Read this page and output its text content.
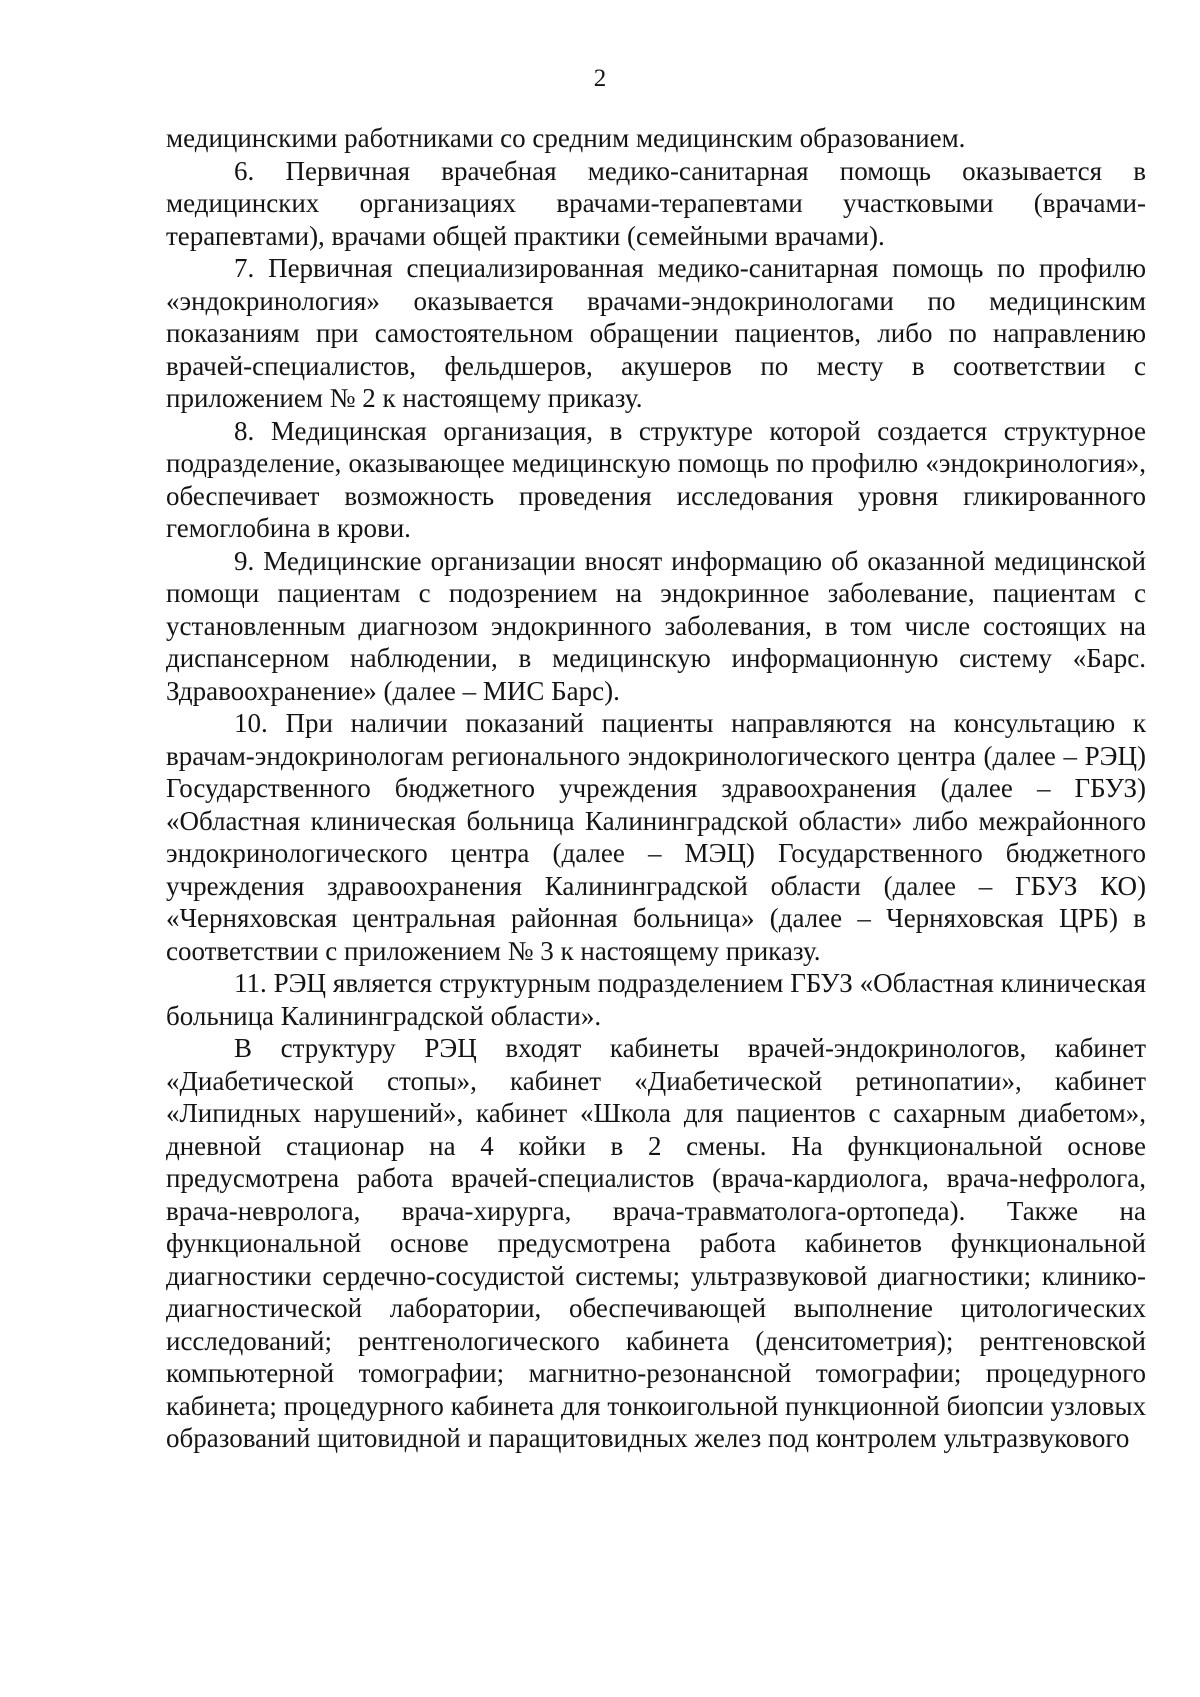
2

медицинскими работниками со средним медицинским образованием.

6. Первичная врачебная медико-санитарная помощь оказывается в медицинских организациях врачами-терапевтами участковыми (врачами-терапевтами), врачами общей практики (семейными врачами).

7. Первичная специализированная медико-санитарная помощь по профилю «эндокринология» оказывается врачами-эндокринологами по медицинским показаниям при самостоятельном обращении пациентов, либо по направлению врачей-специалистов, фельдшеров, акушеров по месту в соответствии с приложением № 2 к настоящему приказу.

8. Медицинская организация, в структуре которой создается структурное подразделение, оказывающее медицинскую помощь по профилю «эндокринология», обеспечивает возможность проведения исследования уровня гликированного гемоглобина в крови.

9. Медицинские организации вносят информацию об оказанной медицинской помощи пациентам с подозрением на эндокринное заболевание, пациентам с установленным диагнозом эндокринного заболевания, в том числе состоящих на диспансерном наблюдении, в медицинскую информационную систему «Барс. Здравоохранение» (далее – МИС Барс).

10. При наличии показаний пациенты направляются на консультацию к врачам-эндокринологам регионального эндокринологического центра (далее – РЭЦ) Государственного бюджетного учреждения здравоохранения (далее – ГБУЗ) «Областная клиническая больница Калининградской области» либо межрайонного эндокринологического центра (далее – МЭЦ) Государственного бюджетного учреждения здравоохранения Калининградской области (далее – ГБУЗ КО) «Черняховская центральная районная больница» (далее – Черняховская ЦРБ) в соответствии с приложением № 3 к настоящему приказу.

11. РЭЦ является структурным подразделением ГБУЗ «Областная клиническая больница Калининградской области».

В структуру РЭЦ входят кабинеты врачей-эндокринологов, кабинет «Диабетической стопы», кабинет «Диабетической ретинопатии», кабинет «Липидных нарушений», кабинет «Школа для пациентов с сахарным диабетом», дневной стационар на 4 койки в 2 смены. На функциональной основе предусмотрена работа врачей-специалистов (врача-кардиолога, врача-нефролога, врача-невролога, врача-хирурга, врача-травматолога-ортопеда). Также на функциональной основе предусмотрена работа кабинетов функциональной диагностики сердечно-сосудистой системы; ультразвуковой диагностики; клинико-диагностической лаборатории, обеспечивающей выполнение цитологических исследований; рентгенологического кабинета (денситометрия); рентгеновской компьютерной томографии; магнитно-резонансной томографии; процедурного кабинета; процедурного кабинета для тонкоигольной пункционной биопсии узловых образований щитовидной и паращитовидных желез под контролем ультразвукового
